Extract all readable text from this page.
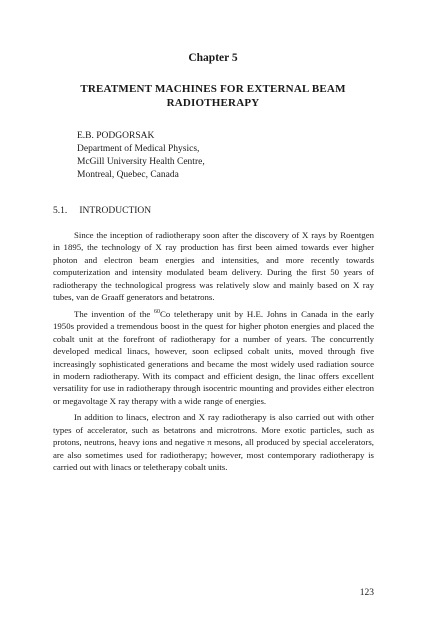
Chapter 5
TREATMENT MACHINES FOR EXTERNAL BEAM
RADIOTHERAPY
E.B. PODGORSAK
Department of Medical Physics,
McGill University Health Centre,
Montreal, Quebec, Canada
5.1. INTRODUCTION

Since the inception of radiotherapy soon after the discovery of X rays by Roentgen in 1895, the technology of X ray production has first been aimed towards ever higher photon and electron beam energies and intensities, and more recently towards computerization and intensity modulated beam delivery. During the first 50 years of radiotherapy the technological progress was relatively slow and mainly based on X ray tubes, van de Graaff generators and betatrons.

The invention of the $^{60}$Co teletherapy unit by H.E. Johns in Canada in the early 1950s provided a tremendous boost in the quest for higher photon energies and placed the cobalt unit at the forefront of radiotherapy for a number of years. The concurrently developed medical linacs, however, soon eclipsed cobalt units, moved through five increasingly sophisticated generations and became the most widely used radiation source in modern radiotherapy. With its compact and efficient design, the linac offers excellent versatility for use in radiotherapy through isocentric mounting and provides either electron or megavoltage X ray therapy with a wide range of energies.

In addition to linacs, electron and X ray radiotherapy is also carried out with other types of accelerator, such as betatrons and microtrons. More exotic particles, such as protons, neutrons, heavy ions and negative π mesons, all produced by special accelerators, are also sometimes used for radiotherapy; however, most contemporary radiotherapy is carried out with linacs or teletherapy cobalt units.

123
